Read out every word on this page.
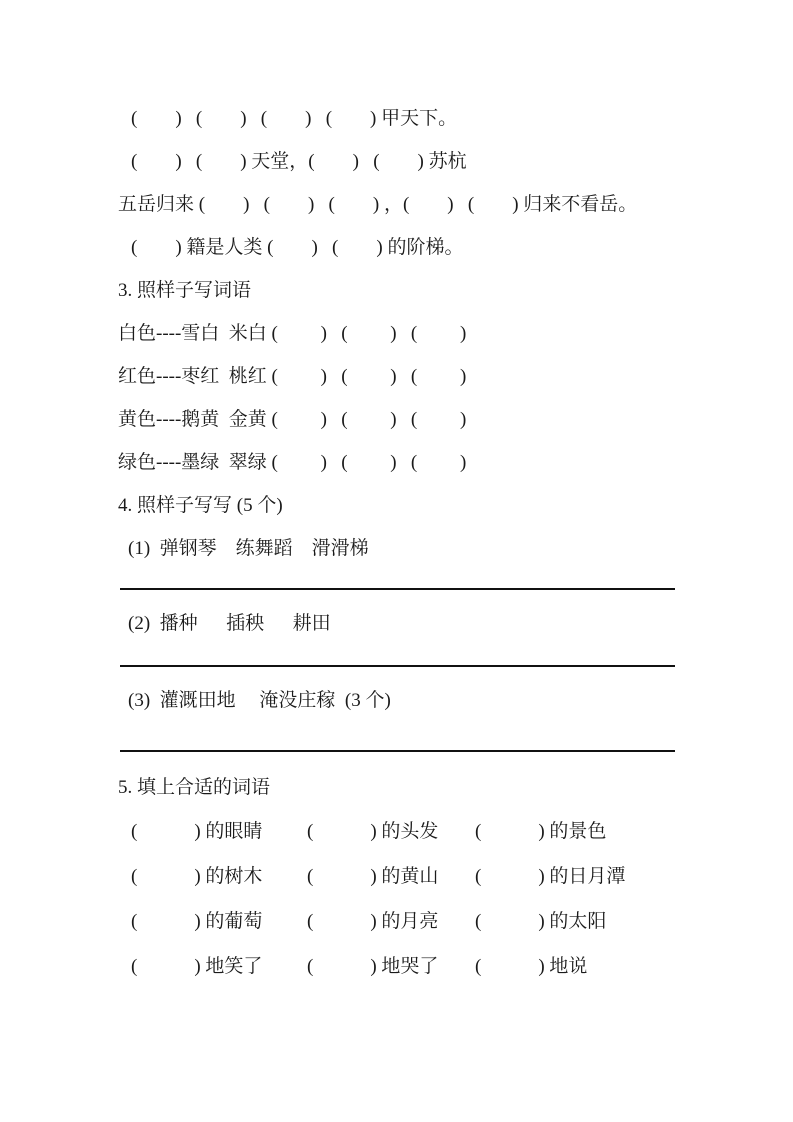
(        )   (        )   (        )   (        ) 甲天下。
(        )   (        ) 天堂，(        )   (        ) 苏杭
五岳归来 (        )   (        )   (        ) ，(        )   (        ) 归来不看岳。
(        ) 籍是人类 (        )   (        ) 的阶梯。
3. 照样子写词语
白色----雪白  米白 (         )   (         )   (         )
红色----枣红  桃红 (         )   (         )   (         )
黄色----鹅黄  金黄 (         )   (         )   (         )
绿色----墨绿  翠绿 (         )   (         )   (         )
4. 照样子写写 (5 个)
(1)  弹钢琴    练舞蹈    滑滑梯
(2)  播种      插秧      耕田
(3)  灌溉田地     淹没庄稼  (3 个)
5. 填上合适的词语
(            ) 的眼睛	(            ) 的头发	(            ) 的景色
(            ) 的树木	(            ) 的黄山	(            ) 的日月潭
(            ) 的葡萄	(            ) 的月亮	(            ) 的太阳
(            ) 地笑了	(            ) 地哭了	(            ) 地说
